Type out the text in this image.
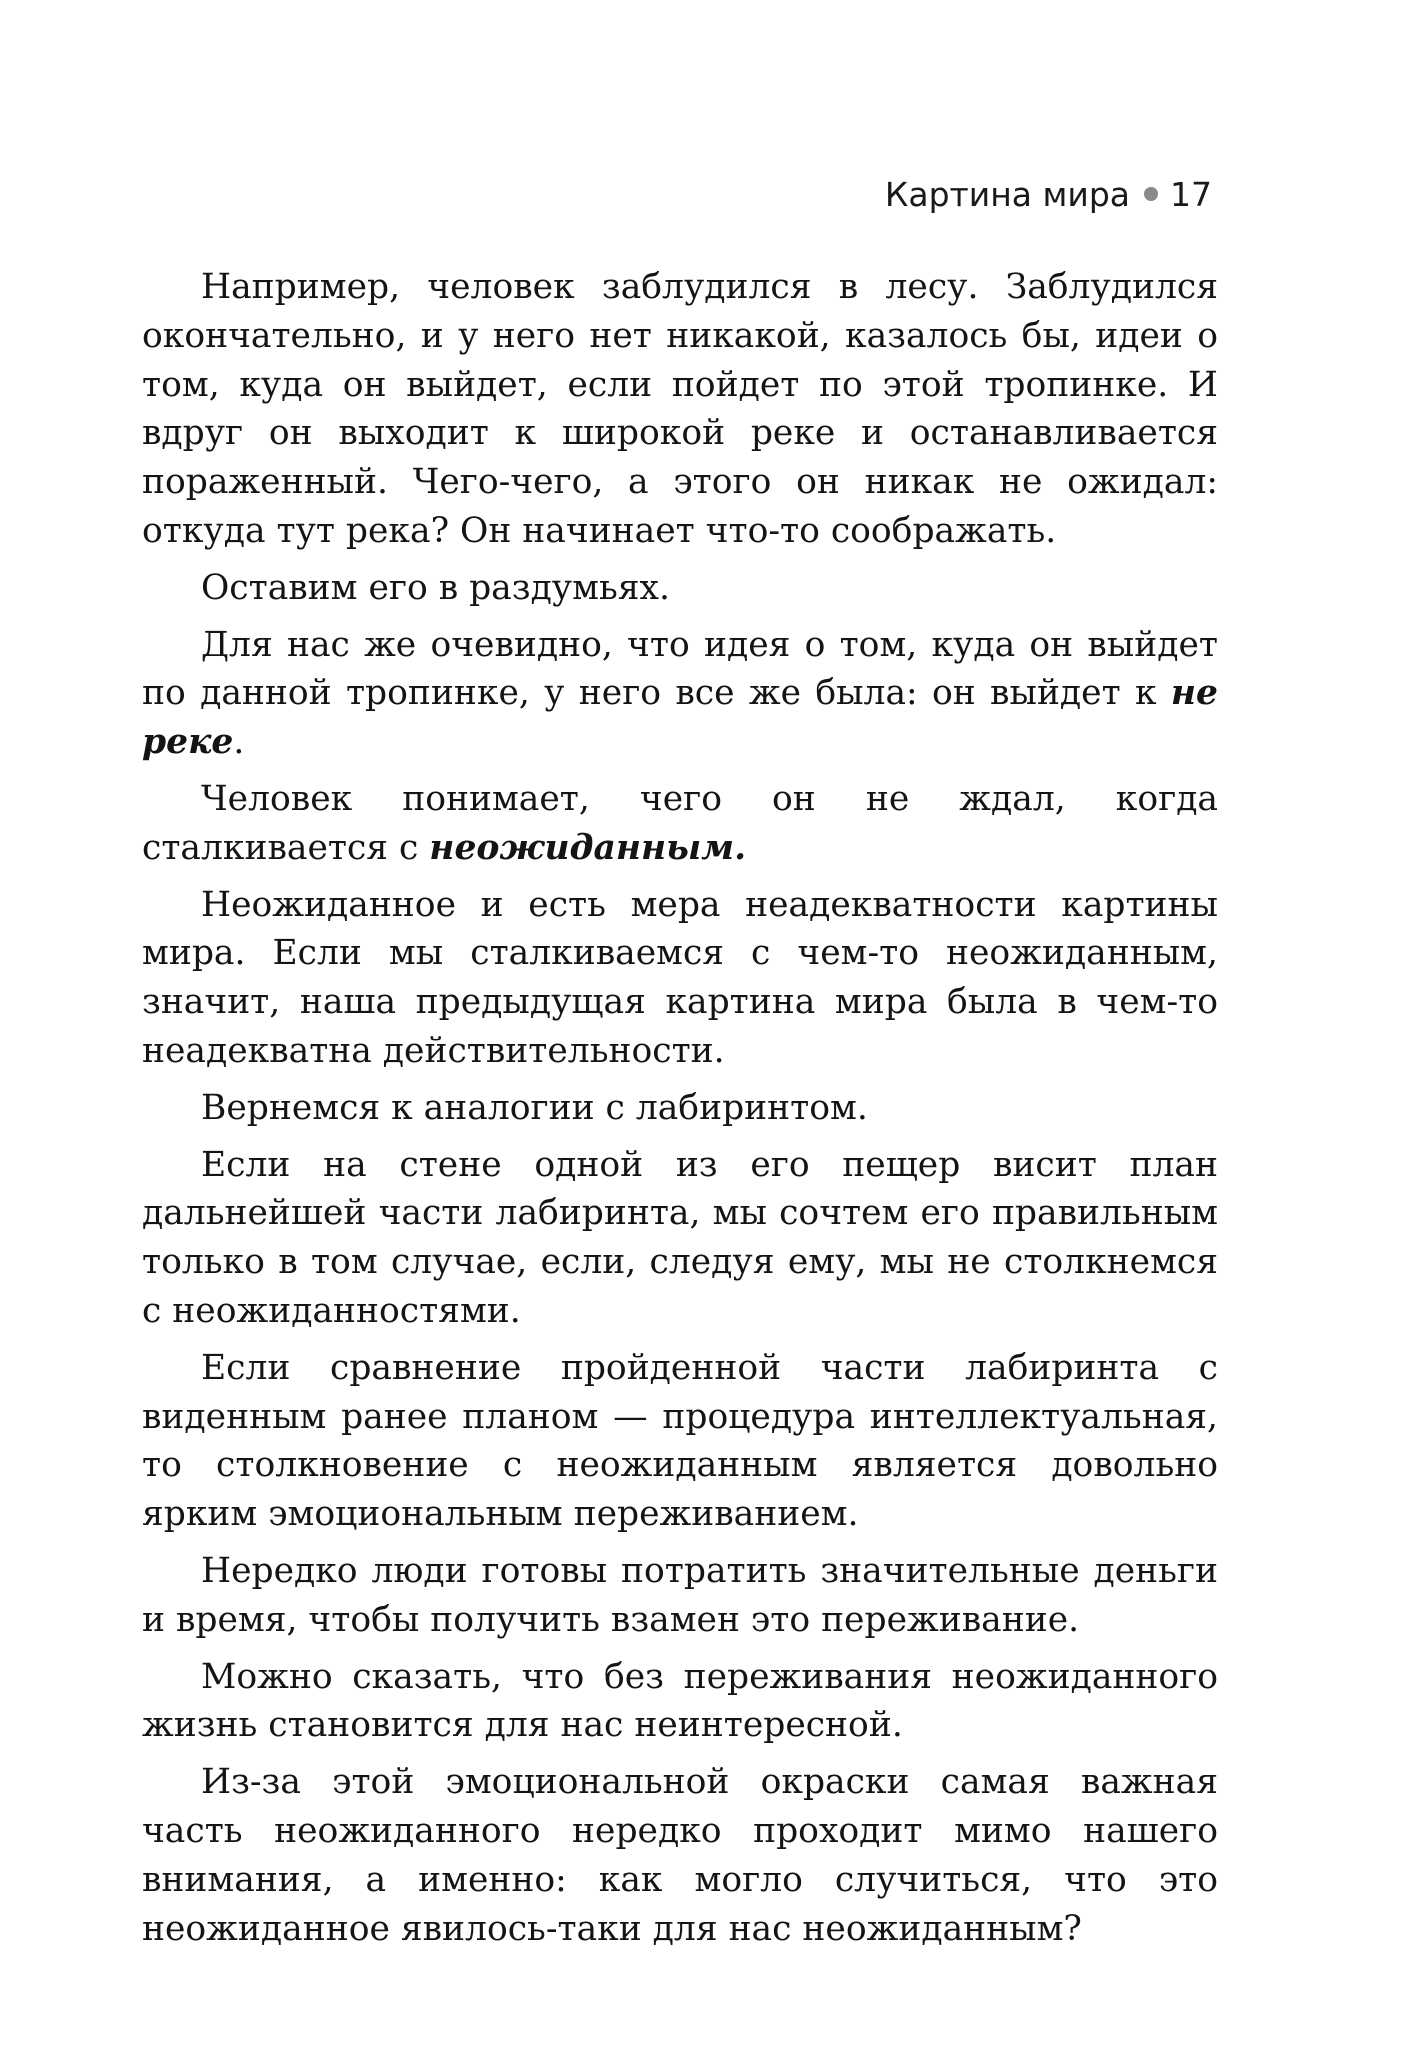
Картина мира 17

Например, человек заблудился в лесу. Заблудился окончательно, и у него нет никакой, казалось бы, идеи о том, куда он выйдет, если пойдет по этой тропинке. И вдруг он выходит к широкой реке и останавливается пораженный. Чего-чего, а этого он никак не ожидал: откуда тут река? Он начинает что-то соображать.

Оставим его в раздумьях.

Для нас же очевидно, что идея о том, куда он выйдет по данной тропинке, у него все же была: он выйдет к не реке.

Человек понимает, чего он не ждал, когда сталкивается с неожиданным.

Неожиданное и есть мера неадекватности картины мира. Если мы сталкиваемся с чем-то неожиданным, значит, наша предыдущая картина мира была в чем-то неадекватна действительности.

Вернемся к аналогии с лабиринтом.

Если на стене одной из его пещер висит план дальнейшей части лабиринта, мы сочтем его правильным только в том случае, если, следуя ему, мы не столкнемся с неожиданностями.

Если сравнение пройденной части лабиринта с виденным ранее планом — процедура интеллектуальная, то столкновение с неожиданным является довольно ярким эмоциональным переживанием.

Нередко люди готовы потратить значительные деньги и время, чтобы получить взамен это переживание.

Можно сказать, что без переживания неожиданного жизнь становится для нас неинтересной.

Из-за этой эмоциональной окраски самая важная часть неожиданного нередко проходит мимо нашего внимания, а именно: как могло случиться, что это неожиданное явилось-таки для нас неожиданным?
